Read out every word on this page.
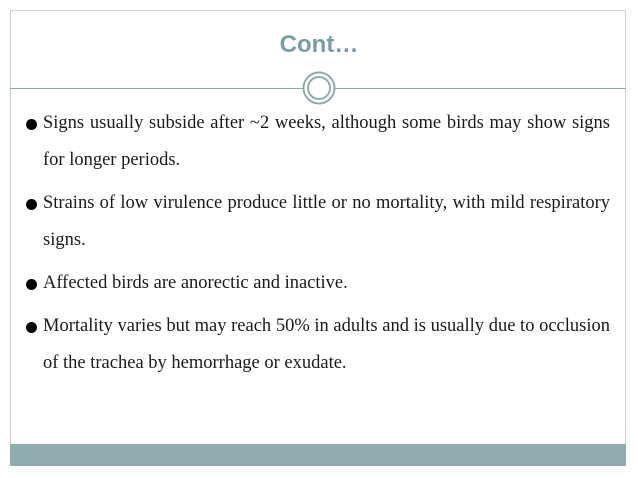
Cont…
Signs usually subside after ~2 weeks, although some birds may show signs for longer periods.
Strains of low virulence produce little or no mortality, with mild respiratory signs.
Affected birds are anorectic and inactive.
Mortality varies but may reach 50% in adults and is usually due to occlusion of the trachea by hemorrhage or exudate.
